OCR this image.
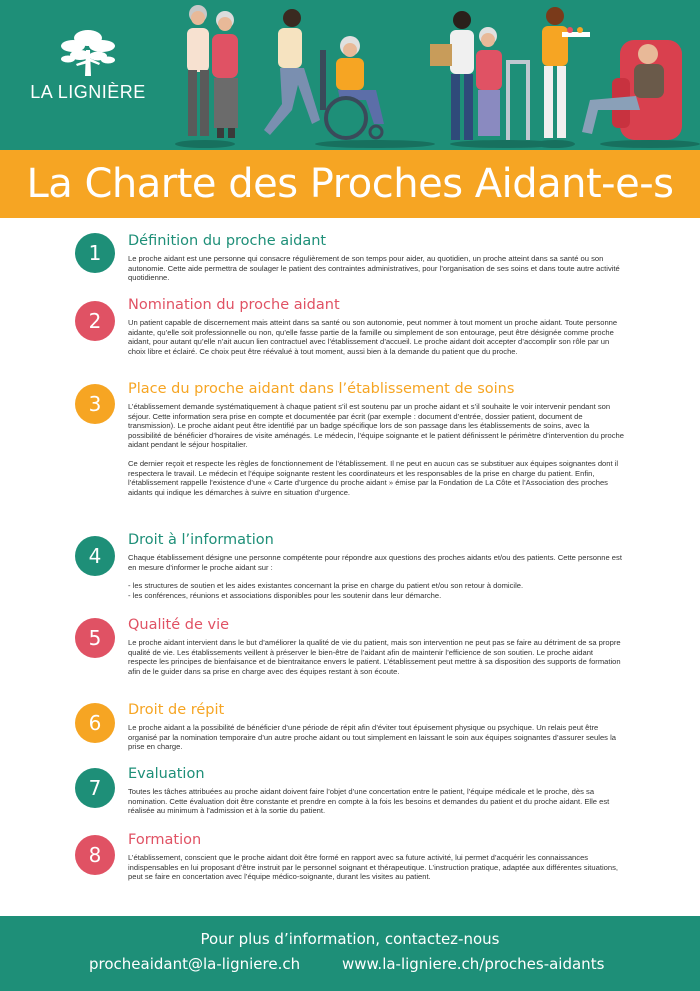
LA LIGNIÈRE
La Charte des Proches Aidant-e-s
1	Définition du proche aidant

Le proche aidant est une personne qui consacre régulièrement de son temps pour aider, au quotidien, un proche atteint dans sa santé ou son autonomie. Cette aide permettra de soulager le patient des contraintes administratives, pour l’organisation de ses soins et dans toute autre activité quotidienne.

2
Nomination du proche aidant

Un patient capable de discernement mais atteint dans sa santé ou son autonomie, peut nommer à tout moment un proche aidant. Toute personne aidante, qu’elle soit professionnelle ou non, qu’elle fasse partie de la famille ou simplement de son entourage, peut être désignée comme proche aidant, pour autant qu’elle n’ait aucun lien contractuel avec l’établissement d’accueil. Le proche aidant doit accepter d’accomplir son rôle par un choix libre et éclairé. Ce choix peut être réévalué à tout moment, aussi bien à la demande du patient que du proche.

3
Place du proche aidant dans l’établissement de soins

L’établissement demande systématiquement à chaque patient s’il est soutenu par un proche aidant et s’il souhaite le voir intervenir pendant son séjour. Cette information sera prise en compte et documentée par écrit (par exemple : document d’entrée, dossier patient, document de transmission). Le proche aidant peut être identifié par un badge spécifique lors de son passage dans les établissements de soins, avec la possibilité de bénéficier d’horaires de visite aménagés. Le médecin, l’équipe soignante et le patient définissent le périmètre d’intervention du proche aidant pendant le séjour hospitalier.

Ce dernier reçoit et respecte les règles de fonctionnement de l’établissement. Il ne peut en aucun cas se substituer aux équipes soignantes dont il respectera le travail. Le médecin et l’équipe soignante restent les coordinateurs et les responsables de la prise en charge du patient. Enfin, l’établissement rappelle l’existence d’une « Carte d’urgence du proche aidant » émise par la Fondation de La Côte et l’Association des proches aidants qui indique les démarches à suivre en situation d’urgence.

4
Droit à l’information

Chaque établissement désigne une personne compétente pour répondre aux questions des proches aidants et/ou des patients. Cette personne est en mesure d’informer le proche aidant sur :

- les structures de soutien et les aides existantes concernant la prise en charge du patient et/ou son retour à domicile.

- les conférences, réunions et associations disponibles pour les soutenir dans leur démarche.

5
Qualité de vie

Le proche aidant intervient dans le but d’améliorer la qualité de vie du patient, mais son intervention ne peut pas se faire au détriment de sa propre qualité de vie. Les établissements veillent à préserver le bien-être de l’aidant afin de maintenir l’efficience de son soutien. Le proche aidant respecte les principes de bienfaisance et de bientraitance envers le patient. L’établissement peut mettre à sa disposition des supports de formation afin de le guider dans sa prise en charge avec des équipes restant à son écoute.

6
Droit de répit

Le proche aidant a la possibilité de bénéficier d’une période de répit afin d’éviter tout épuisement physique ou psychique. Un relais peut être organisé par la nomination temporaire d’un autre proche aidant ou tout simplement en laissant le soin aux équipes soignantes d’assurer seules la prise en charge.

7
Evaluation

Toutes les tâches attribuées au proche aidant doivent faire l’objet d’une concertation entre le patient, l’équipe médicale et le proche, dès sa nomination. Cette évaluation doit être constante et prendre en compte à la fois les besoins et demandes du patient et du proche aidant. Elle est réalisée au minimum à l’admission et à la sortie du patient.

8
Formation

L’établissement, conscient que le proche aidant doit être formé en rapport avec sa future activité, lui permet d’acquérir les connaissances indispensables en lui proposant d’être instruit par le personnel soignant et thérapeutique. L’instruction pratique, adaptée aux différentes situations, peut se faire en concertation avec l’équipe médico-soignante, durant les visites au patient.

Pour plus d’information, contactez-nous
procheaidant@la-ligniere.ch	www.la-ligniere.ch/proches-aidants
